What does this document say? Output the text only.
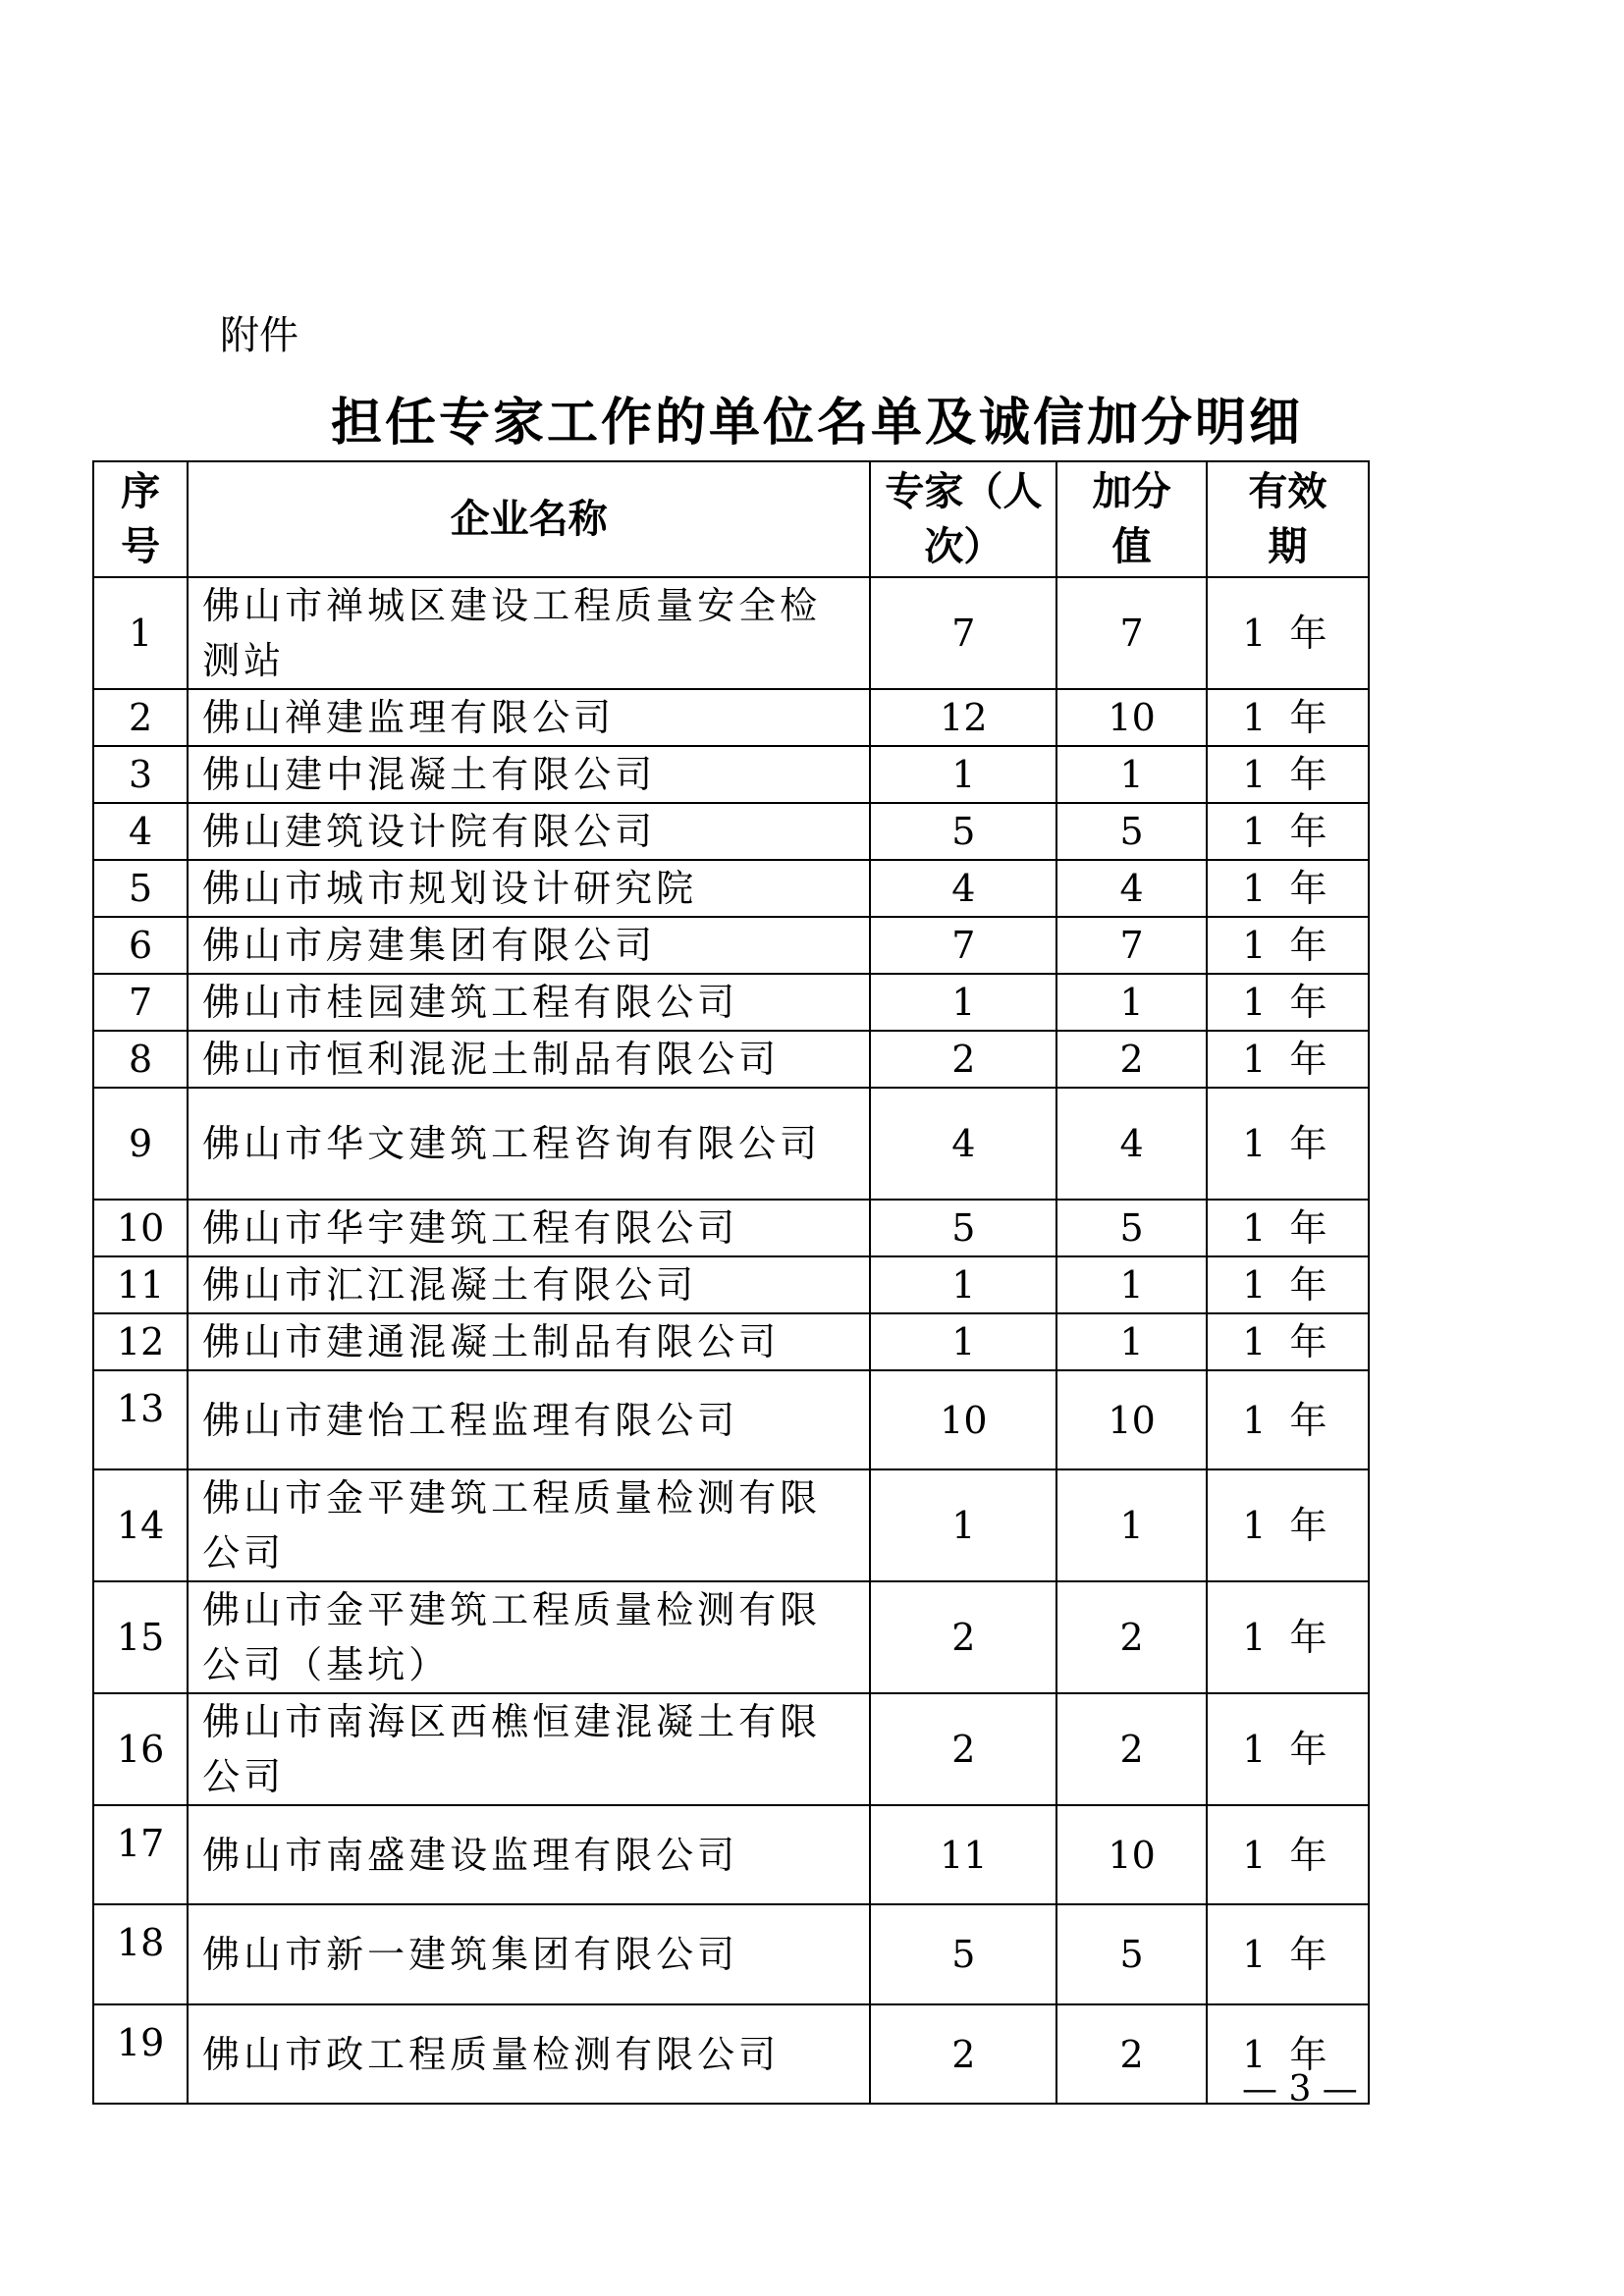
附件
担任专家工作的单位名单及诚信加分明细
序号	企业名称	专家（人次）	加分值	有效期

1	佛山市禅城区建设工程质量安全检测站	7	7	1 年
2	佛山禅建监理有限公司	12	10	1 年
3	佛山建中混凝土有限公司	1	1	1 年
4	佛山建筑设计院有限公司	5	5	1 年
5	佛山市城市规划设计研究院	4	4	1 年
6	佛山市房建集团有限公司	7	7	1 年
7	佛山市桂园建筑工程有限公司	1	1	1 年
8	佛山市恒利混泥土制品有限公司	2	2	1 年
9	佛山市华文建筑工程咨询有限公司	4	4	1 年
10	佛山市华宇建筑工程有限公司	5	5	1 年
11	佛山市汇江混凝土有限公司	1	1	1 年
12	佛山市建通混凝土制品有限公司	1	1	1 年
13	佛山市建怡工程监理有限公司	10	10	1 年
14	佛山市金平建筑工程质量检测有限公司	1	1	1 年
15	佛山市金平建筑工程质量检测有限公司（基坑）	2	2	1 年
16	佛山市南海区西樵恒建混凝土有限公司	2	2	1 年
17	佛山市南盛建设监理有限公司	11	10	1 年
18	佛山市新一建筑集团有限公司	5	5	1 年
19	佛山市政工程质量检测有限公司	2	2	1 年
— 3 —
